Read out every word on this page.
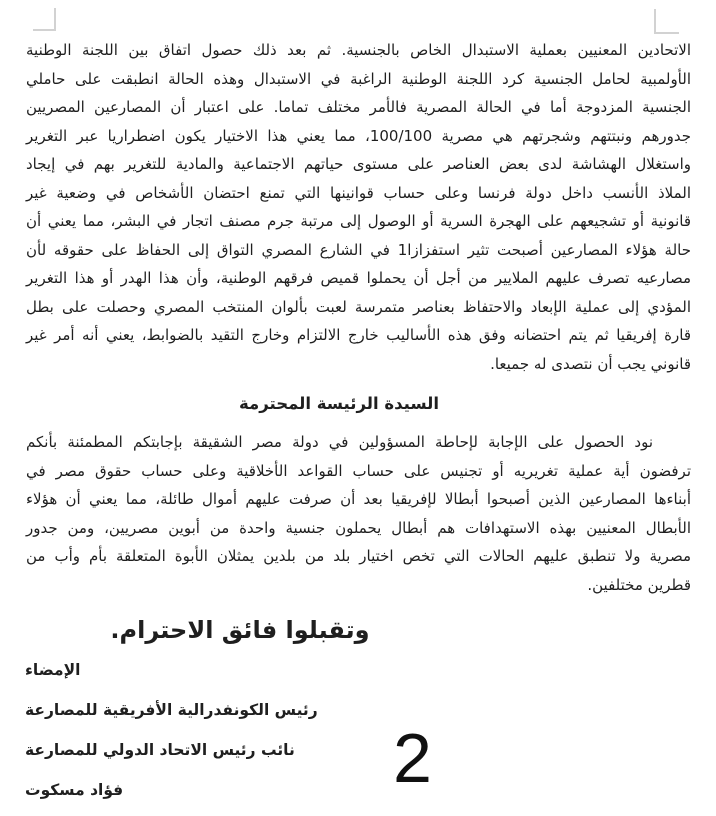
الاتحادين المعنيين بعملية الاستبدال الخاص بالجنسية. ثم بعد ذلك حصول اتفاق بين اللجنة الوطنية
الأولمبية لحامل الجنسية كرد اللجنة الوطنية الراغبة في الاستبدال وهذه الحالة انطبقت على حاملي
الجنسية المزدوجة أما في الحالة المصرية فالأمر مختلف تماما. على اعتبار أن المصارعين المصريين
جدورهم ونبتتهم وشجرتهم هي مصرية 100/100، مما يعني هذا الاختيار يكون اضطراريا عبر التغرير
واستغلال الهشاشة لدى بعض العناصر على مستوى حياتهم الاجتماعية والمادية للتغرير بهم في إيجاد
الملاذ الأنسب داخل دولة فرنسا وعلى حساب قوانينها التي تمنع احتضان الأشخاص في وضعية غير
قانونية أو تشجيعهم على الهجرة السرية أو الوصول إلى مرتبة جرم مصنف اتجار في البشر، مما يعني أن
حالة هؤلاء المصارعين أصبحت تثير استفزازا1 في الشارع المصري التواق إلى الحفاظ على حقوقه لأن
مصارعيه تصرف عليهم الملايير من أجل أن يحملوا قميص فرقهم الوطنية، وأن هذا الهدر أو هذا التغرير
المؤدي إلى عملية الإبعاد والاحتفاظ بعناصر متمرسة لعبت بألوان المنتخب المصري وحصلت على بطل
قارة إفريقيا ثم يتم احتضانه وفق هذه الأساليب خارج الالتزام وخارج التقيد بالضوابط، يعني أنه أمر غير
قانوني يجب أن نتصدى له جميعا.
السيدة الرئيسة المحترمة
نود الحصول على الإجابة لإحاطة المسؤولين في دولة مصر الشقيقة بإجابتكم المطمئنة بأنكم
ترفضون أية عملية تغريريه أو تجنيس على حساب القواعد الأخلاقية وعلى حساب حقوق مصر في
أبناءها المصارعين الذين أصبحوا أبطالا لإفريقيا بعد أن صرفت عليهم أموال طائلة، مما يعني أن هؤلاء
الأبطال المعنيين بهذه الاستهدافات هم أبطال يحملون جنسية واحدة من أبوين مصريين، ومن جدور
مصرية ولا تنطبق عليهم الحالات التي تخص اختيار بلد من بلدين يمثلان الأبوة المتعلقة بأم وأب من
قطرين مختلفين.
وتقبلوا فائق الاحترام.
الإمضاء
رئيس الكونفدرالية الأفريقية للمصارعة
نائب رئيس الاتحاد الدولي للمصارعة
فؤاد مسكوت	2
